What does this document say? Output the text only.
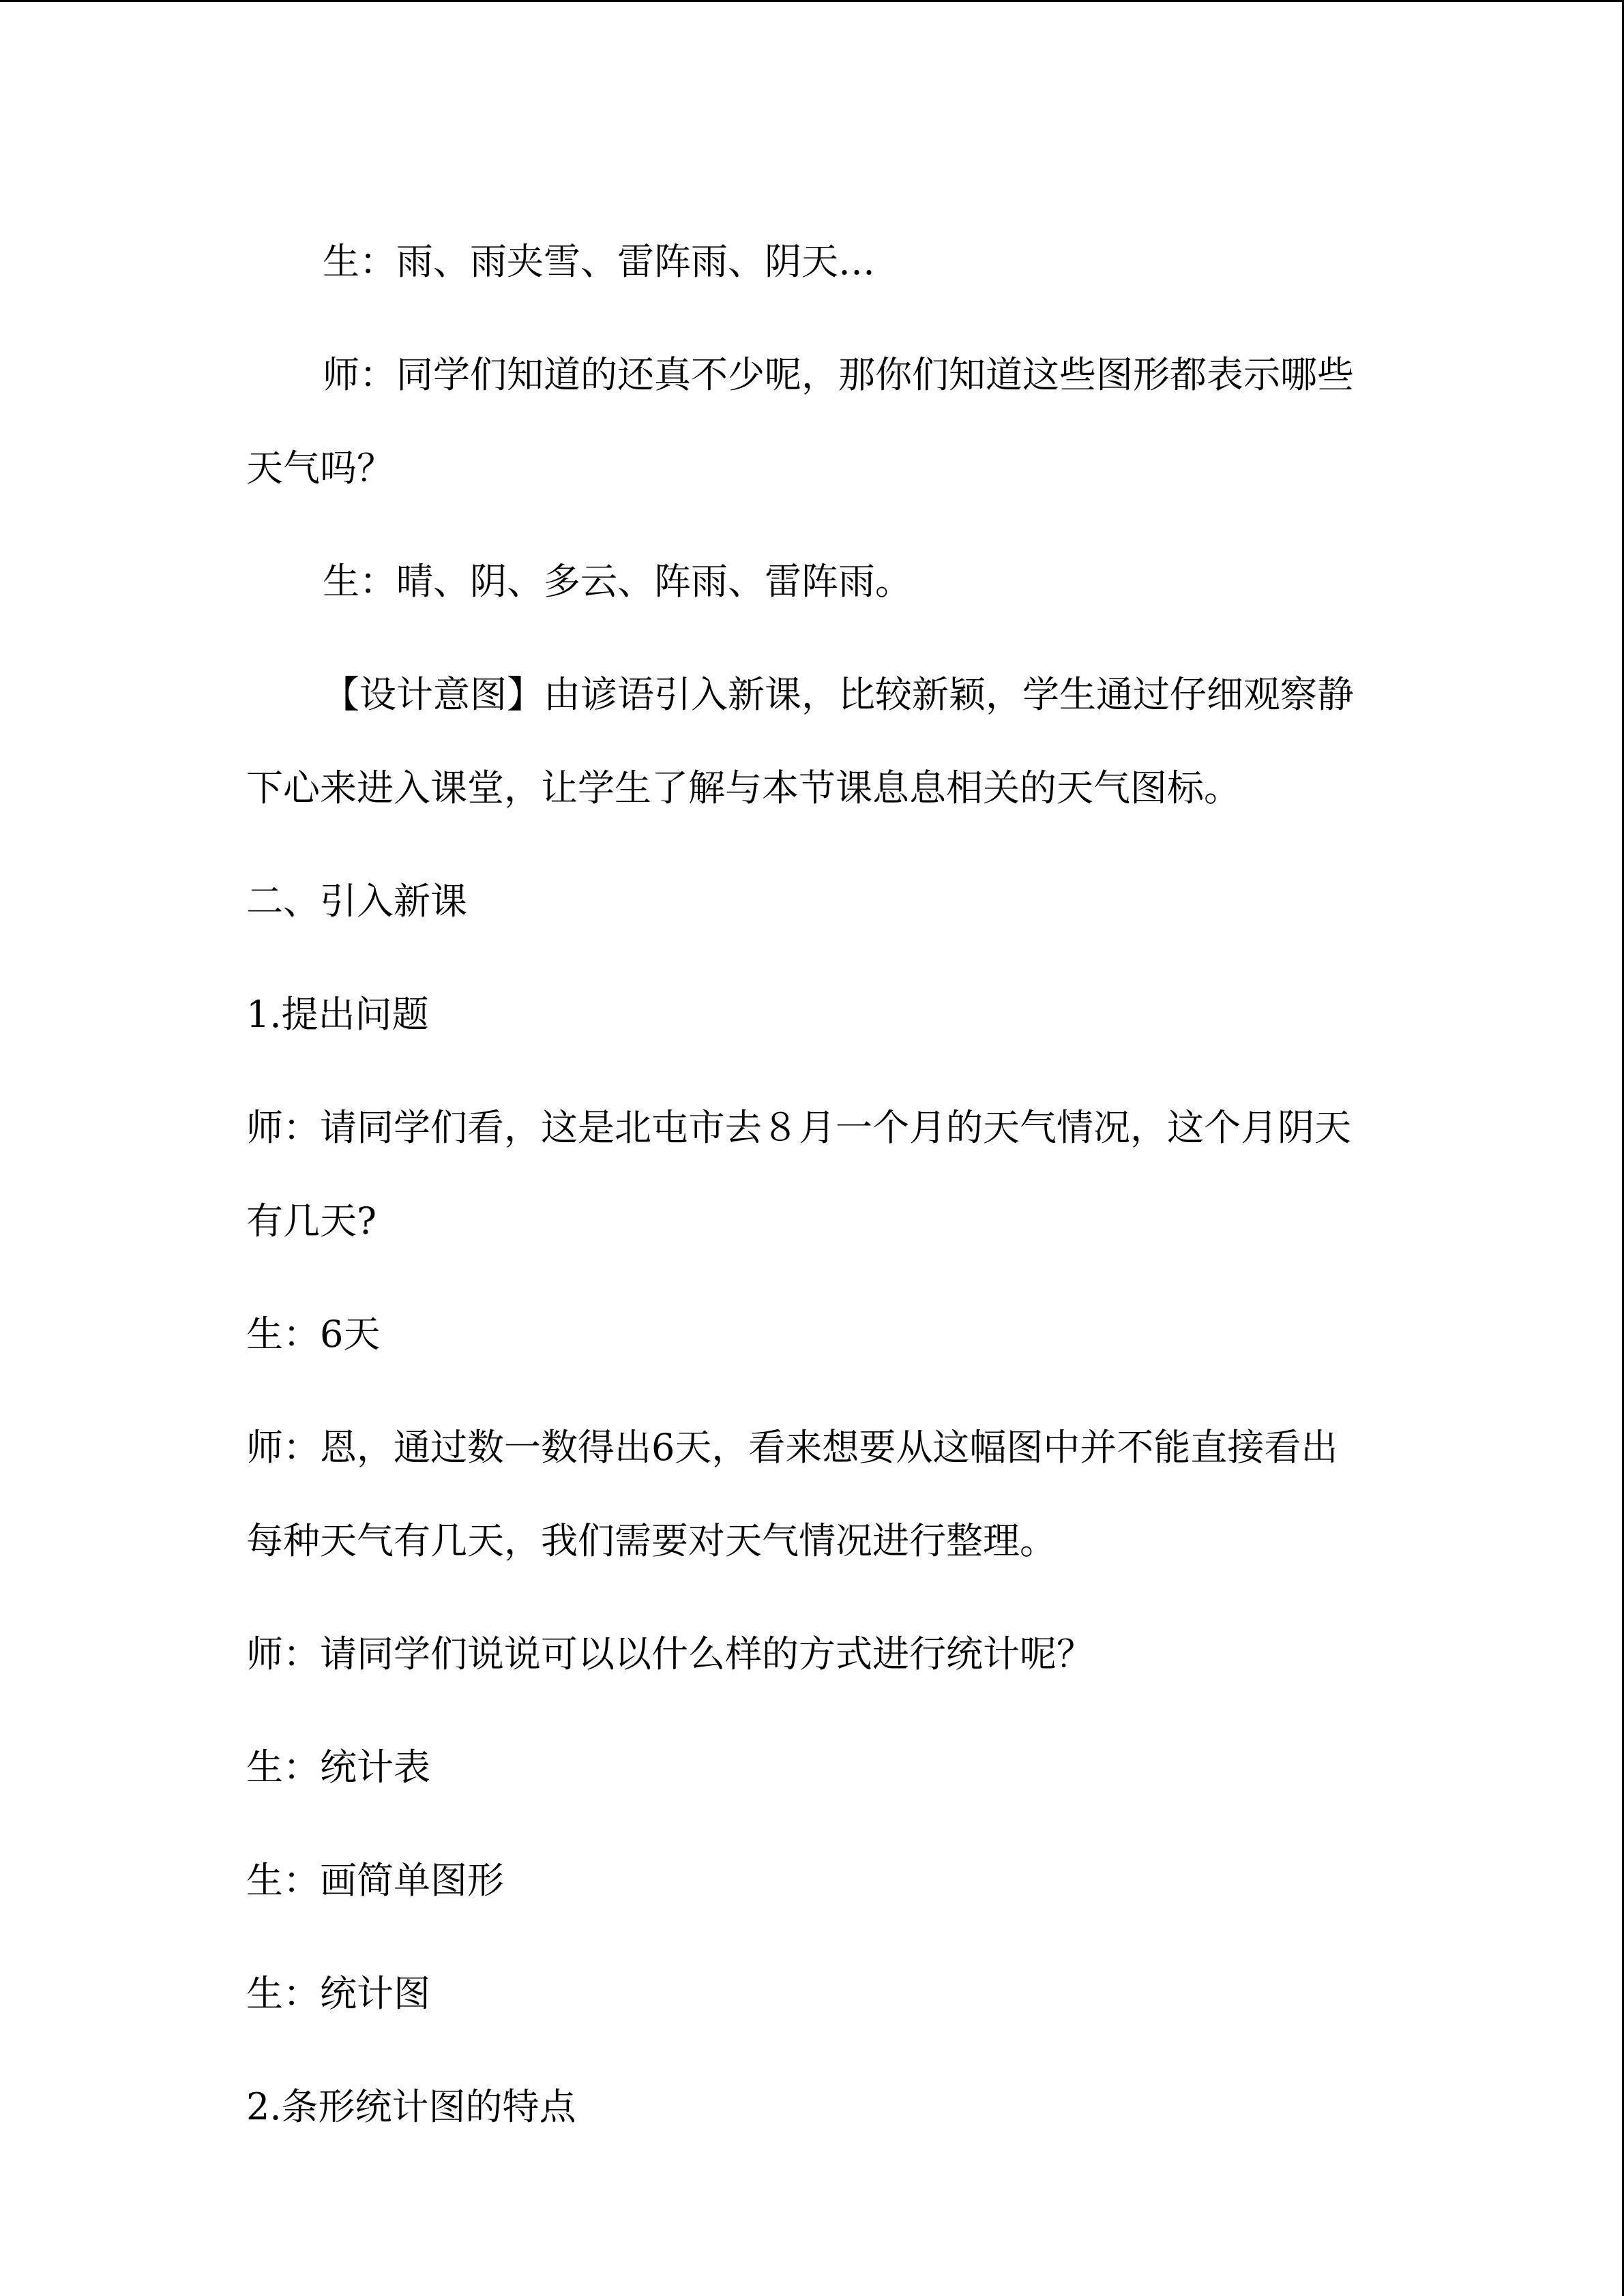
生：雨、雨夹雪、雷阵雨、阴天…

师：同学们知道的还真不少呢，那你们知道这些图形都表示哪些天气吗？

生：晴、阴、多云、阵雨、雷阵雨。

【设计意图】由谚语引入新课，比较新颖，学生通过仔细观察静下心来进入课堂，让学生了解与本节课息息相关的天气图标。

二、引入新课

1.提出问题

师：请同学们看，这是北屯市去８月一个月的天气情况，这个月阴天有几天?

生：6天

师：恩，通过数一数得出6天，看来想要从这幅图中并不能直接看出每种天气有几天，我们需要对天气情况进行整理。

师：请同学们说说可以以什么样的方式进行统计呢？

生：统计表

生：画简单图形

生：统计图

2.条形统计图的特点
